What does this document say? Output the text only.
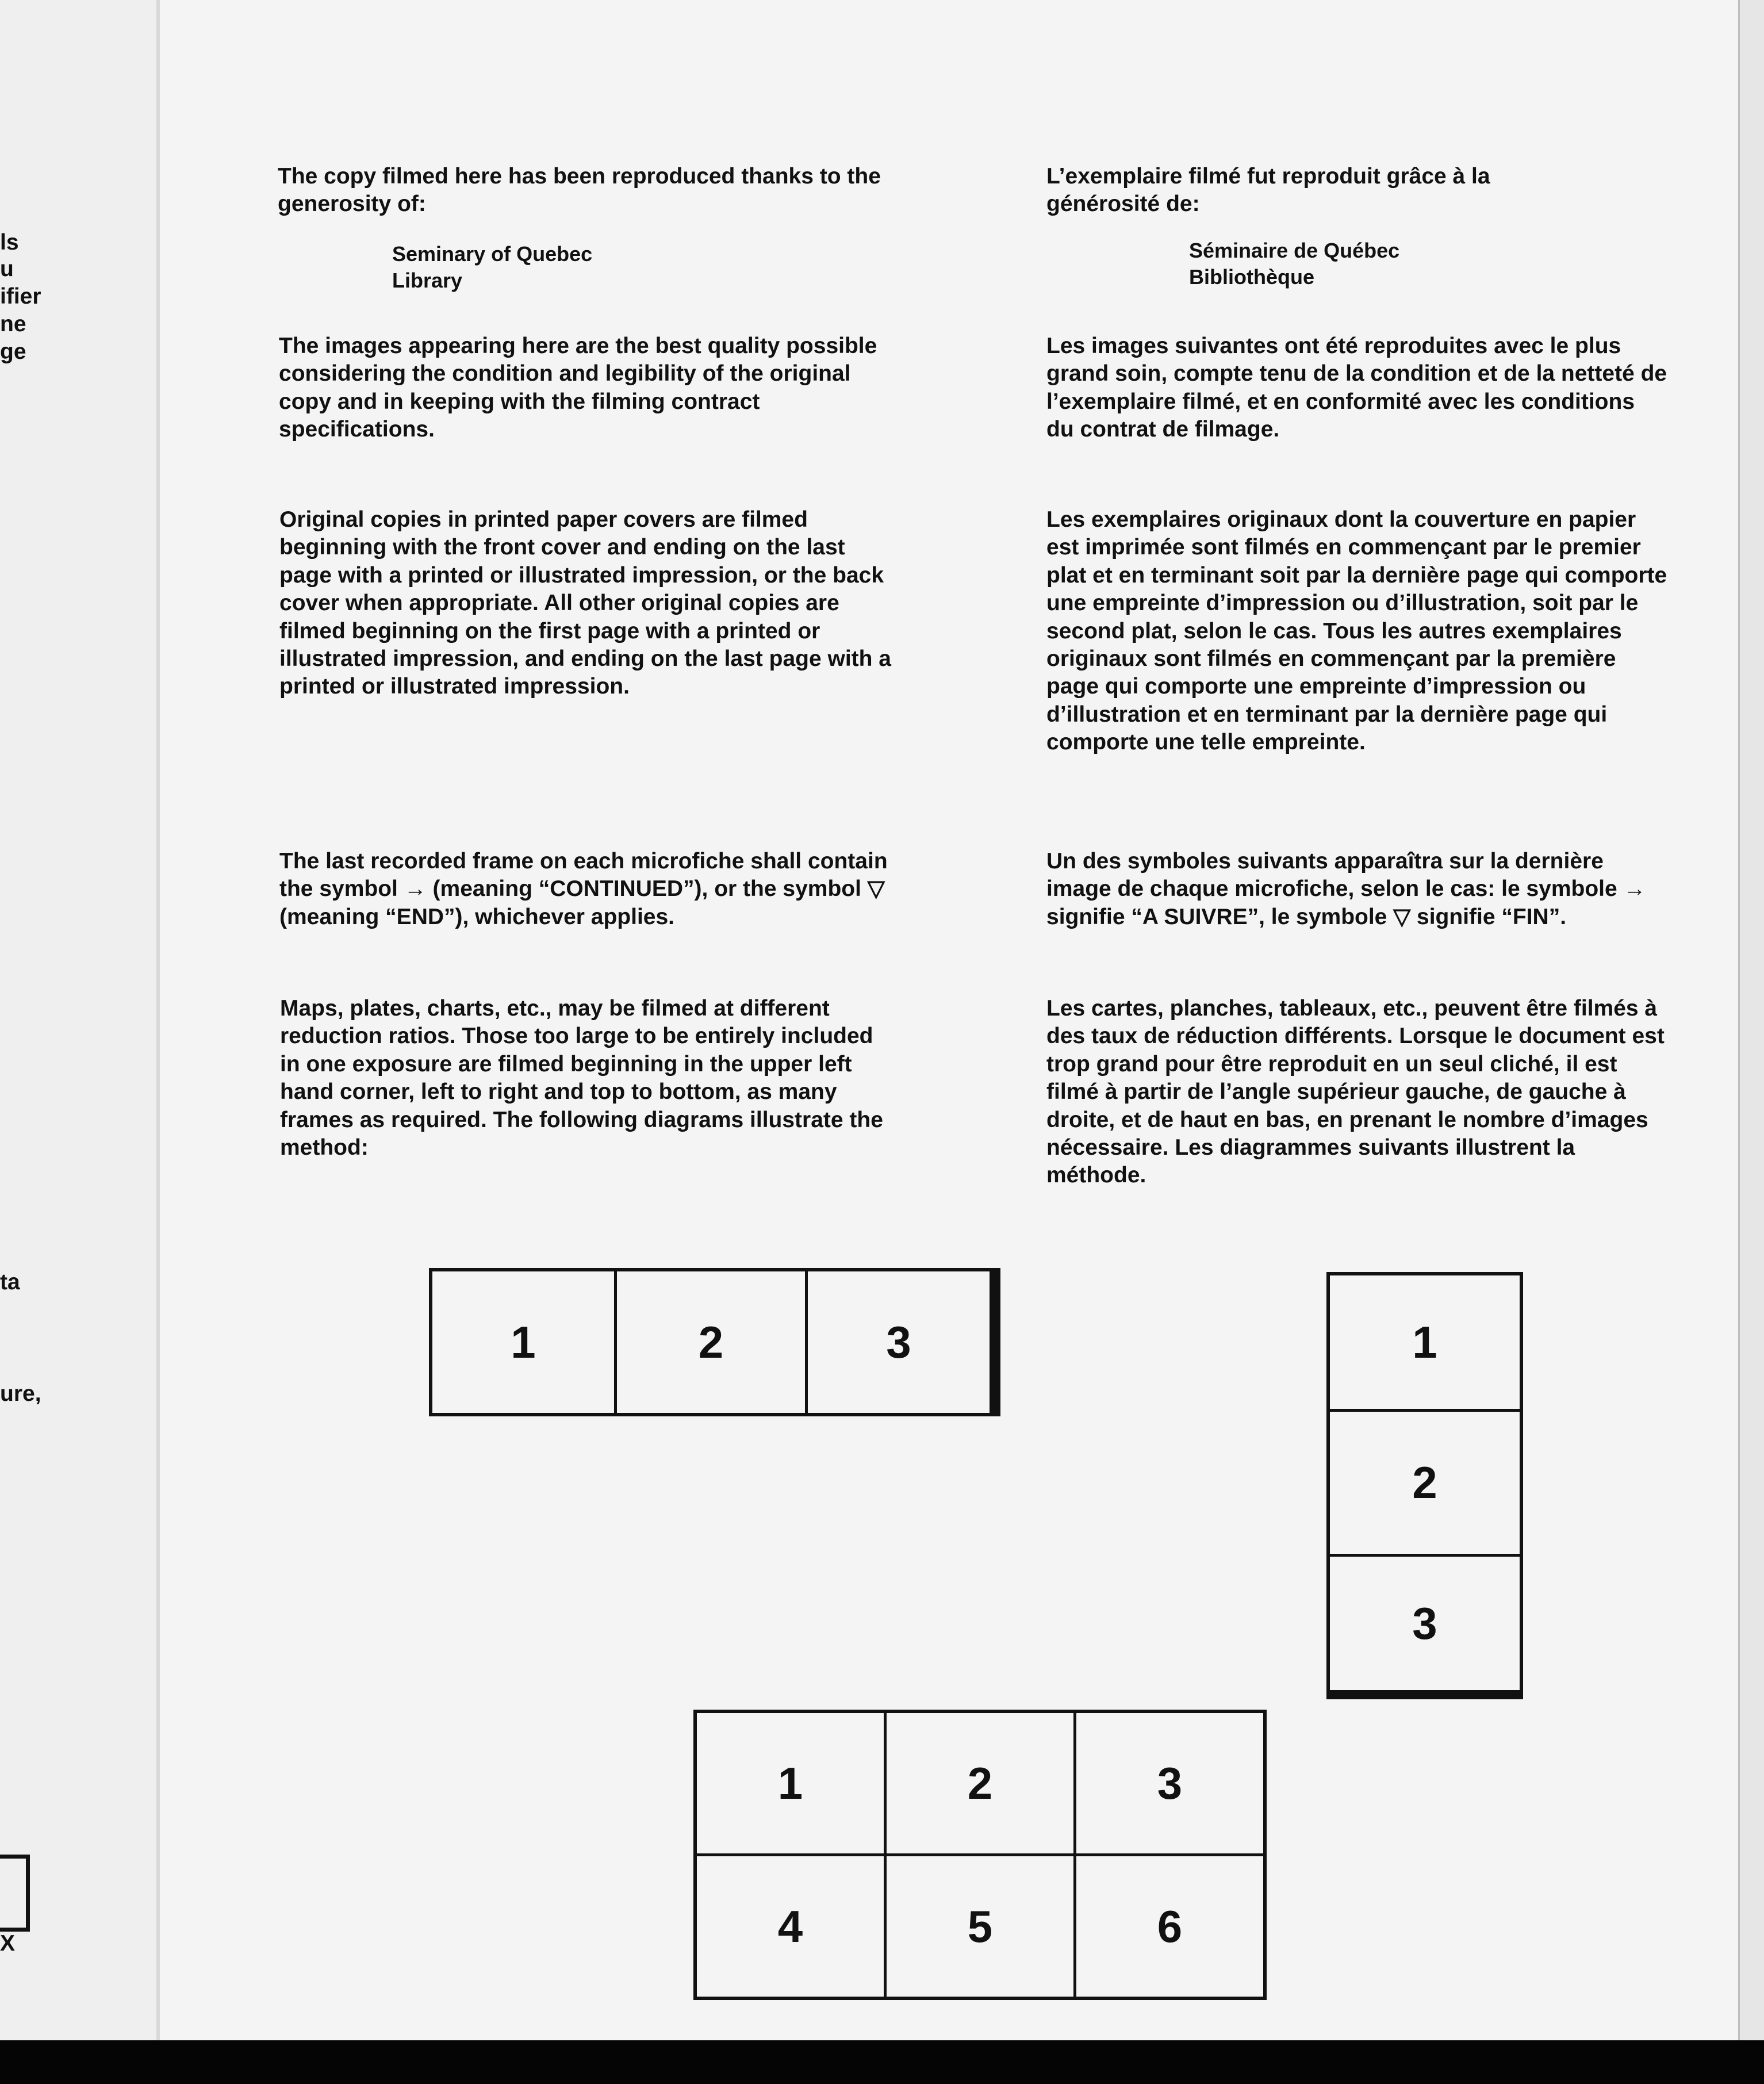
ls
u
ifier
ne
ge
ta
ure,
X

The copy filmed here has been reproduced thanks to the generosity of:

Seminary of Quebec

Library

The images appearing here are the best quality possible considering the condition and legibility of the original copy and in keeping with the filming contract specifications.

Original copies in printed paper covers are filmed beginning with the front cover and ending on the last page with a printed or illustrated impression, or the back cover when appropriate. All other original copies are filmed beginning on the first page with a printed or illustrated impression, and ending on the last page with a printed or illustrated impression.

The last recorded frame on each microfiche shall contain the symbol → (meaning “CONTINUED”), or the symbol ▽ (meaning “END”), whichever applies.

Maps, plates, charts, etc., may be filmed at different reduction ratios. Those too large to be entirely included in one exposure are filmed beginning in the upper left hand corner, left to right and top to bottom, as many frames as required. The following diagrams illustrate the method:

L’exemplaire filmé fut reproduit grâce à la générosité de:

Séminaire de Québec

Bibliothèque

Les images suivantes ont été reproduites avec le plus grand soin, compte tenu de la condition et de la netteté de l’exemplaire filmé, et en conformité avec les conditions du contrat de filmage.

Les exemplaires originaux dont la couverture en papier est imprimée sont filmés en commençant par le premier plat et en terminant soit par la dernière page qui comporte une empreinte d’impression ou d’illustration, soit par le second plat, selon le cas. Tous les autres exemplaires originaux sont filmés en commençant par la première page qui comporte une empreinte d’impression ou d’illustration et en terminant par la dernière page qui comporte une telle empreinte.

Un des symboles suivants apparaîtra sur la dernière image de chaque microfiche, selon le cas: le symbole → signifie “A SUIVRE”, le symbole ▽ signifie “FIN”.

Les cartes, planches, tableaux, etc., peuvent être filmés à des taux de réduction différents. Lorsque le document est trop grand pour être reproduit en un seul cliché, il est filmé à partir de l’angle supérieur gauche, de gauche à droite, et de haut en bas, en prenant le nombre d’images nécessaire. Les diagrammes suivants illustrent la méthode.

1	2	3	1
2
3
1	2	3
4	5	6
